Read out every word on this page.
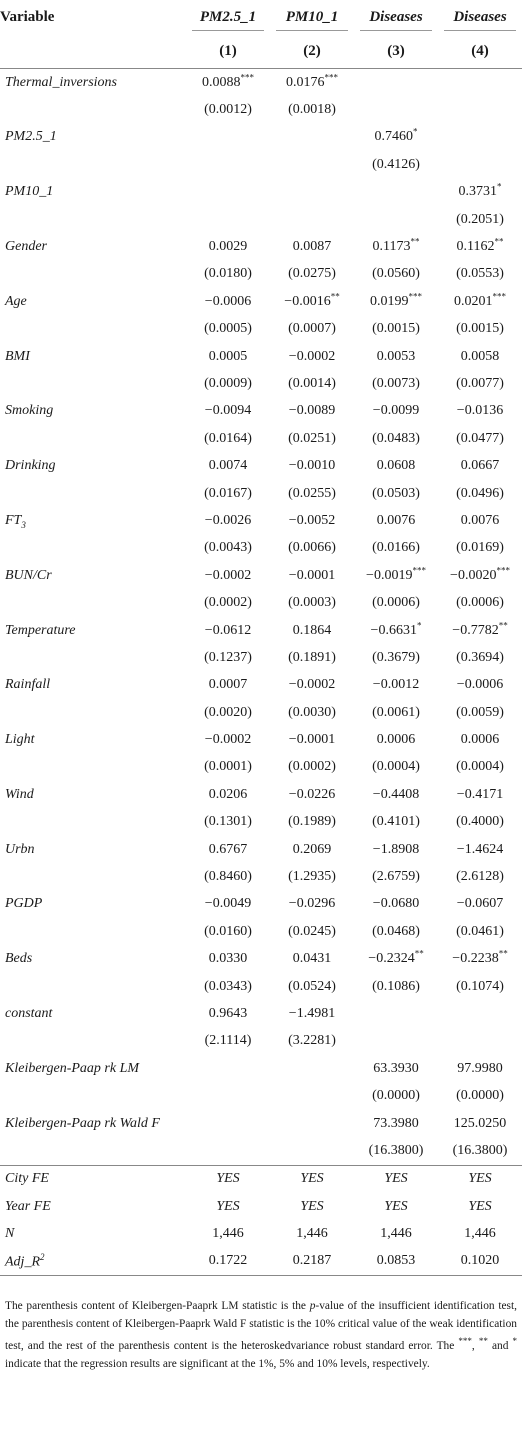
Variable	PM2.5_1	PM10_1	Diseases	Diseases

	(1)	(2)	(3)	(4)
Thermal_inversions	0.0088***	0.0176***		
	(0.0012)	(0.0018)		
PM2.5_1			0.7460*	
			(0.4126)	
PM10_1				0.3731*
				(0.2051)
Gender	0.0029	0.0087	0.1173**	0.1162**
	(0.0180)	(0.0275)	(0.0560)	(0.0553)
Age	−0.0006	−0.0016**	0.0199***	0.0201***
	(0.0005)	(0.0007)	(0.0015)	(0.0015)
BMI	0.0005	−0.0002	0.0053	0.0058
	(0.0009)	(0.0014)	(0.0073)	(0.0077)
Smoking	−0.0094	−0.0089	−0.0099	−0.0136
	(0.0164)	(0.0251)	(0.0483)	(0.0477)
Drinking	0.0074	−0.0010	0.0608	0.0667
	(0.0167)	(0.0255)	(0.0503)	(0.0496)
$FT_3$	−0.0026	−0.0052	0.0076	0.0076
	(0.0043)	(0.0066)	(0.0166)	(0.0169)
BUN/Cr	−0.0002	−0.0001	−0.0019***	−0.0020***
	(0.0002)	(0.0003)	(0.0006)	(0.0006)
Temperature	−0.0612	0.1864	−0.6631*	−0.7782**
	(0.1237)	(0.1891)	(0.3679)	(0.3694)
Rainfall	0.0007	−0.0002	−0.0012	−0.0006
	(0.0020)	(0.0030)	(0.0061)	(0.0059)
Light	−0.0002	−0.0001	0.0006	0.0006
	(0.0001)	(0.0002)	(0.0004)	(0.0004)
Wind	0.0206	−0.0226	−0.4408	−0.4171
	(0.1301)	(0.1989)	(0.4101)	(0.4000)
Urbn	0.6767	0.2069	−1.8908	−1.4624
	(0.8460)	(1.2935)	(2.6759)	(2.6128)
PGDP	−0.0049	−0.0296	−0.0680	−0.0607
	(0.0160)	(0.0245)	(0.0468)	(0.0461)
Beds	0.0330	0.0431	−0.2324**	−0.2238**
	(0.0343)	(0.0524)	(0.1086)	(0.1074)
constant	0.9643	−1.4981		
	(2.1114)	(3.2281)		
Kleibergen-Paap rk LM			63.3930	97.9980
			(0.0000)	(0.0000)
Kleibergen-Paap rk Wald F			73.3980	125.0250
			(16.3800)	(16.3800)
City FE	YES	YES	YES	YES
Year FE	YES	YES	YES	YES
N	1,446	1,446	1,446	1,446
$Adj\_R^2$	0.1722	0.2187	0.0853	0.1020

The parenthesis content of Kleibergen-Paaprk LM statistic is the p-value of the insufficient identification test, the parenthesis content of Kleibergen-Paaprk Wald F statistic is the 10% critical value of the weak identification test, and the rest of the parenthesis content is the heteroskedvariance robust standard error. The ***, ** and * indicate that the regression results are significant at the 1%, 5% and 10% levels, respectively.
